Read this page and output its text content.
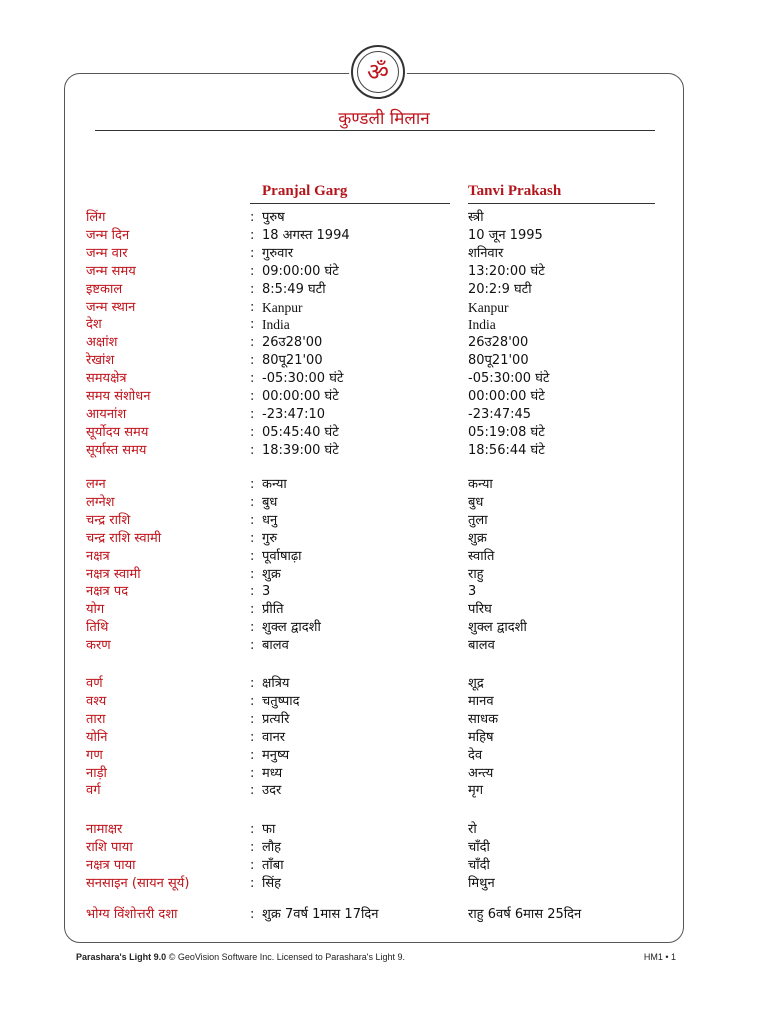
ॐ
कुण्डली मिलान
Pranjal Garg	Tanvi Prakash
लिंग	: पुरुष	स्त्री
जन्म दिन	: 18 अगस्त 1994	10 जून 1995
जन्म वार	: गुरुवार	शनिवार
जन्म समय	: 09:00:00 घंटे	13:20:00 घंटे
इष्टकाल	: 8:5:49 घटी	20:2:9 घटी
जन्म स्थान	: Kanpur	Kanpur
देश	: India	India
अक्षांश	: 26उ28'00	26उ28'00
रेखांश	: 80पू21'00	80पू21'00
समयक्षेत्र	: -05:30:00 घंटे	-05:30:00 घंटे
समय संशोधन	: 00:00:00 घंटे	00:00:00 घंटे
आयनांश	: -23:47:10	-23:47:45
सूर्योदय समय	: 05:45:40 घंटे	05:19:08 घंटे
सूर्यास्त समय	: 18:39:00 घंटे	18:56:44 घंटे
लग्न	: कन्या	कन्या
लग्नेश	: बुध	बुध
चन्द्र राशि	: धनु	तुला
चन्द्र राशि स्वामी	: गुरु	शुक्र
नक्षत्र	: पूर्वाषाढ़ा	स्वाति
नक्षत्र स्वामी	: शुक्र	राहु
नक्षत्र पद	: 3	3
योग	: प्रीति	परिघ
तिथि	: शुक्ल द्वादशी	शुक्ल द्वादशी
करण	: बालव	बालव
वर्ण	: क्षत्रिय	शूद्र
वश्य	: चतुष्पाद	मानव
तारा	: प्रत्यरि	साधक
योनि	: वानर	महिष
गण	: मनुष्य	देव
नाड़ी	: मध्य	अन्त्य
वर्ग	: उदर	मृग
नामाक्षर	: फा	रो
राशि पाया	: लौह	चाँदी
नक्षत्र पाया	: ताँबा	चाँदी
सनसाइन (सायन सूर्य)	: सिंह	मिथुन
भोग्य विंशोत्तरी दशा	: शुक्र 7वर्ष 1मास 17दिन	राहु 6वर्ष 6मास 25दिन
Parashara's Light 9.0 © GeoVision Software Inc. Licensed to Parashara's Light 9.	HM1 • 1
